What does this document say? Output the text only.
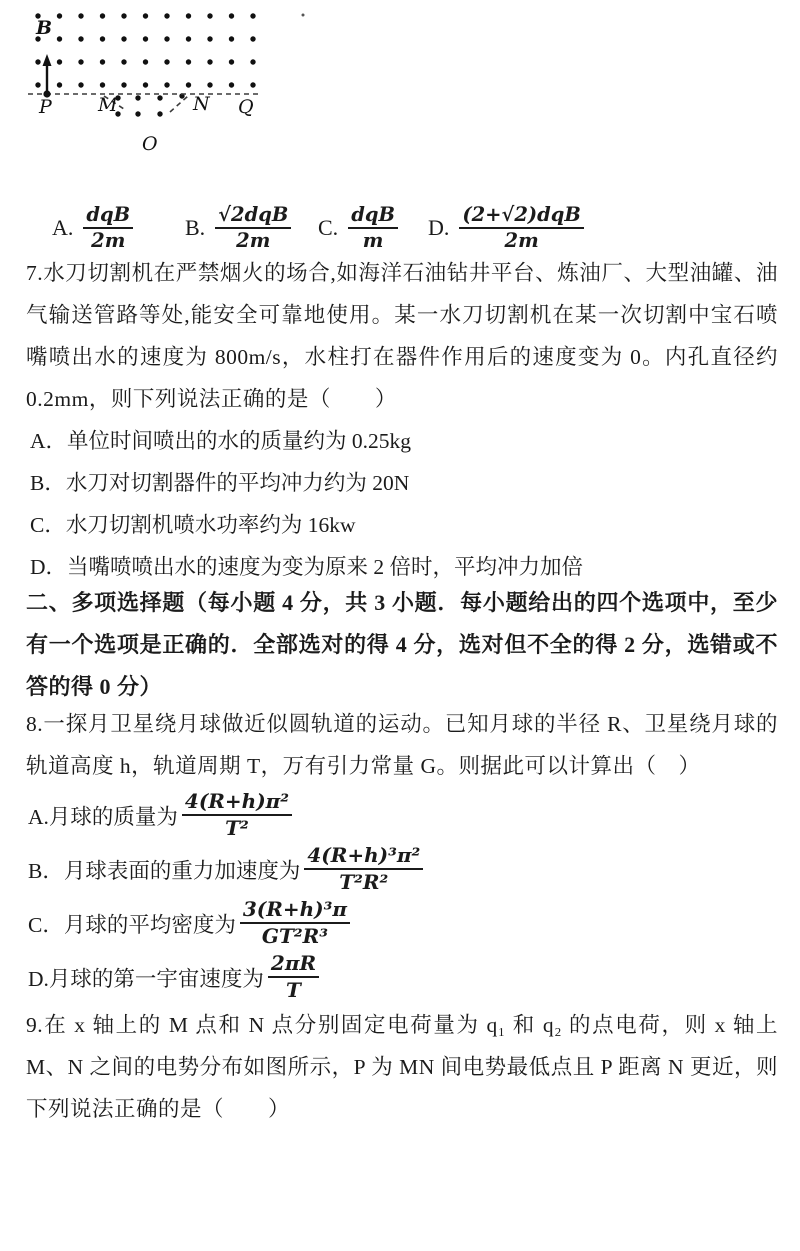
B
P M	N Q
O
A. $\frac{\text{dqB}}{2m} B$. $\frac{\text{√2dqB}}{2m} C$. $\frac{\text{dqB}}{m} D$. $\frac{\text{(2+√2)dqB}}{2m}$
7.水刀切割机在严禁烟火的场合,如海洋石油钻井平台、炼油厂、大型油罐、油气输送管路等处,能安全可靠地使用。某一水刀切割机在某一次切割中宝石喷嘴喷出水的速度为 800m/s，水柱打在器件作用后的速度变为 0。内孔直径约 0.2mm，则下列说法正确的是（　　）
A．单位时间喷出的水的质量约为 0.25kg
B．水刀对切割器件的平均冲力约为 20N
C．水刀切割机喷水功率约为 16kw
D．当嘴喷喷出水的速度为变为原来 2 倍时，平均冲力加倍
二、多项选择题（每小题 4 分，共 3 小题．每小题给出的四个选项中，至少有一个选项是正确的．全部选对的得 4 分，选对但不全的得 2 分，选错或不答的得 0 分）
8.一探月卫星绕月球做近似圆轨道的运动。已知月球的半径 R、卫星绕月球的轨道高度 h，轨道周期 T，万有引力常量 G。则据此可以计算出（　）
A.月球的质量为 $\frac{\text{4(R+h)π²}}{\text{T²}}$
B．月球表面的重力加速度为 $\frac{\text{4(R+h)³π²}}{\text{T²R²}}$
C．月球的平均密度为 $\frac{\text{3(R+h)³π}}{\text{GT²R³}}$
D.月球的第一宇宙速度为 $\frac{2\pi R}{T}$
9.在 x 轴上的 M 点和 N 点分别固定电荷量为 q₁ 和 q₂ 的点电荷，则 x 轴上 M、N 之间的电势分布如图所示，P 为 MN 间电势最低点且 P 距离 N 更近，则下列说法正确的是（　　）
